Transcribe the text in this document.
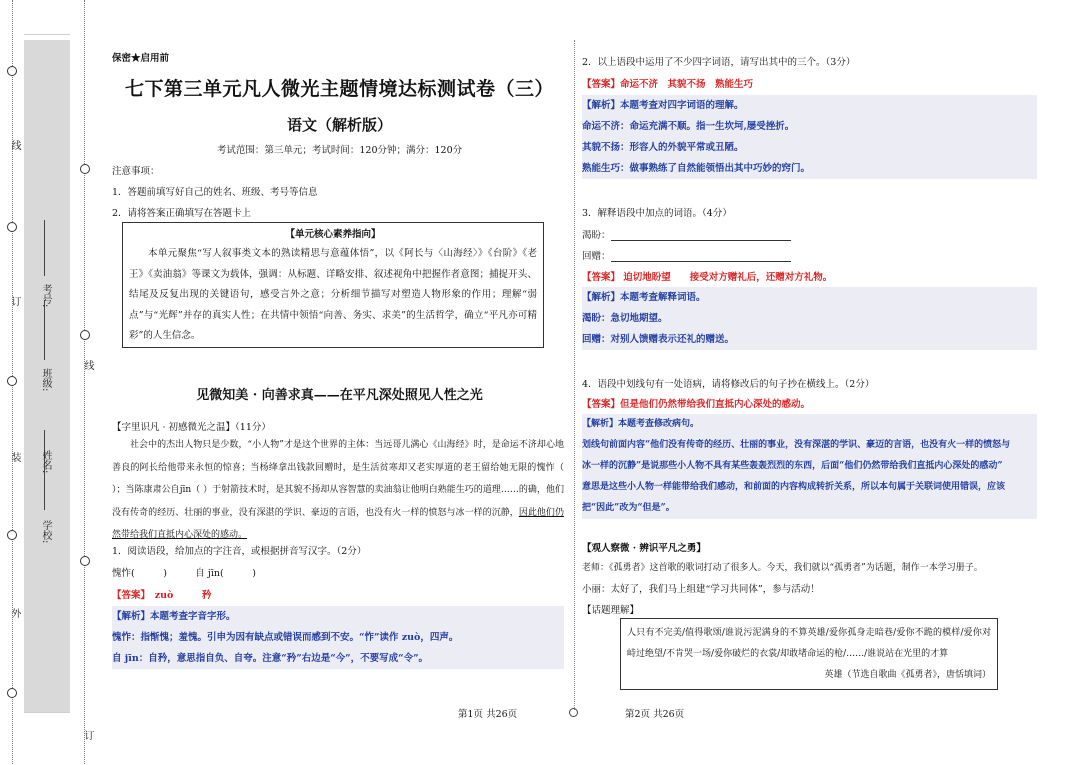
线
订
装
外
学校:
姓名:
班级:
考号:
线
订
保密★启用前
七下第三单元凡人微光主题情境达标测试卷（三）
语文（解析版）
考试范围：第三单元；考试时间：120分钟；满分：120分
注意事项：
1．答题前填写好自己的姓名、班级、考号等信息
2．请将答案正确填写在答题卡上
【单元核心素养指向】
本单元聚焦“写人叙事类文本的熟读精思与意蕴体悟”，以《阿长与〈山海经〉》《台阶》《老王》《卖油翁》等课文为载体，强调：从标题、详略安排、叙述视角中把握作者意图；捕捉开头、结尾及反复出现的关键语句，感受言外之意；分析细节描写对塑造人物形象的作用；理解“弱点”与“光辉”并存的真实人性；在共情中领悟“向善、务实、求美”的生活哲学，确立“平凡亦可精彩”的人生信念。
见微知美 · 向善求真——在平凡深处照见人性之光
【字里识凡 · 初感微光之温】（11分）
社会中的杰出人物只是少数，“小人物”才是这个世界的主体：当远哥儿满心《山海经》时，是命运不济却心地善良的阿长给他带来永恒的惊喜；当杨绛拿出钱款回赠时，是生活贫寒却又老实厚道的老王留给她无限的愧怍（ ）；当陈康肃公自jīn（ ）于射箭技术时，是其貌不扬却从容智慧的卖油翁让他明白熟能生巧的道理……的确，他们没有传奇的经历、壮丽的事业，没有深湛的学识、豪迈的言语，也没有火一样的愤怒与冰一样的沉静，因此他们仍然带给我们直抵内心深处的感动。
1．阅读语段，给加点的字注音，或根据拼音写汉字。（2分）
愧怍(　　　)　　　自 jīn(　　　)
【答案】　zuò　　　矜
【解析】本题考查字音字形。
愧怍：指惭愧；羞愧。引申为因有缺点或错误而感到不安。“怍”读作 zuò，四声。
自 jīn：自矜，意思指自负、自夸。注意“矜”右边是“今”，不要写成“令”。
第1页 共26页	第2页 共26页
2．以上语段中运用了不少四字词语，请写出其中的三个。（3分）
【答案】命运不济　其貌不扬　熟能生巧
【解析】本题考查对四字词语的理解。
命运不济：命运充满不顺。指一生坎坷,屡受挫折。
其貌不扬：形容人的外貌平常或丑陋。
熟能生巧：做事熟练了自然能领悟出其中巧妙的窍门。
3．解释语段中加点的词语。（4分）
渴盼：
回赠：
【答案】 迫切地盼望　　接受对方赠礼后，还赠对方礼物。
【解析】本题考查解释词语。
渴盼：急切地期望。
回赠：对别人馈赠表示还礼的赠送。
4．语段中划线句有一处语病，请将修改后的句子抄在横线上。（2分）
【答案】但是他们仍然带给我们直抵内心深处的感动。
【解析】本题考查修改病句。
划线句前面内容“他们没有传奇的经历、壮丽的事业，没有深湛的学识、豪迈的言语，也没有火一样的愤怒与
冰一样的沉静”是说那些小人物不具有某些轰轰烈烈的东西，后面“他们仍然带给我们直抵内心深处的感动”
意思是这些小人物一样能带给我们感动，和前面的内容构成转折关系，所以本句属于关联词使用错误，应该
把“因此”改为“但是”。
【观人察微 · 辨识平凡之勇】
老师：《孤勇者》这首歌的歌词打动了很多人。今天，我们就以“孤勇者”为话题，制作一本学习册子。
小丽：太好了，我们马上组建“学习共同体”，参与活动！
【话题理解】
人只有不完美/值得歌颂/谁说污泥满身的不算英雄/爱你孤身走暗巷/爱你不跪的模样/爱你对峙过绝望/不肯哭一场/爱你破烂的衣裳/却敢堵命运的枪/……/谁说站在光里的才算
英雄（节选自歌曲《孤勇者》，唐恬填词）
